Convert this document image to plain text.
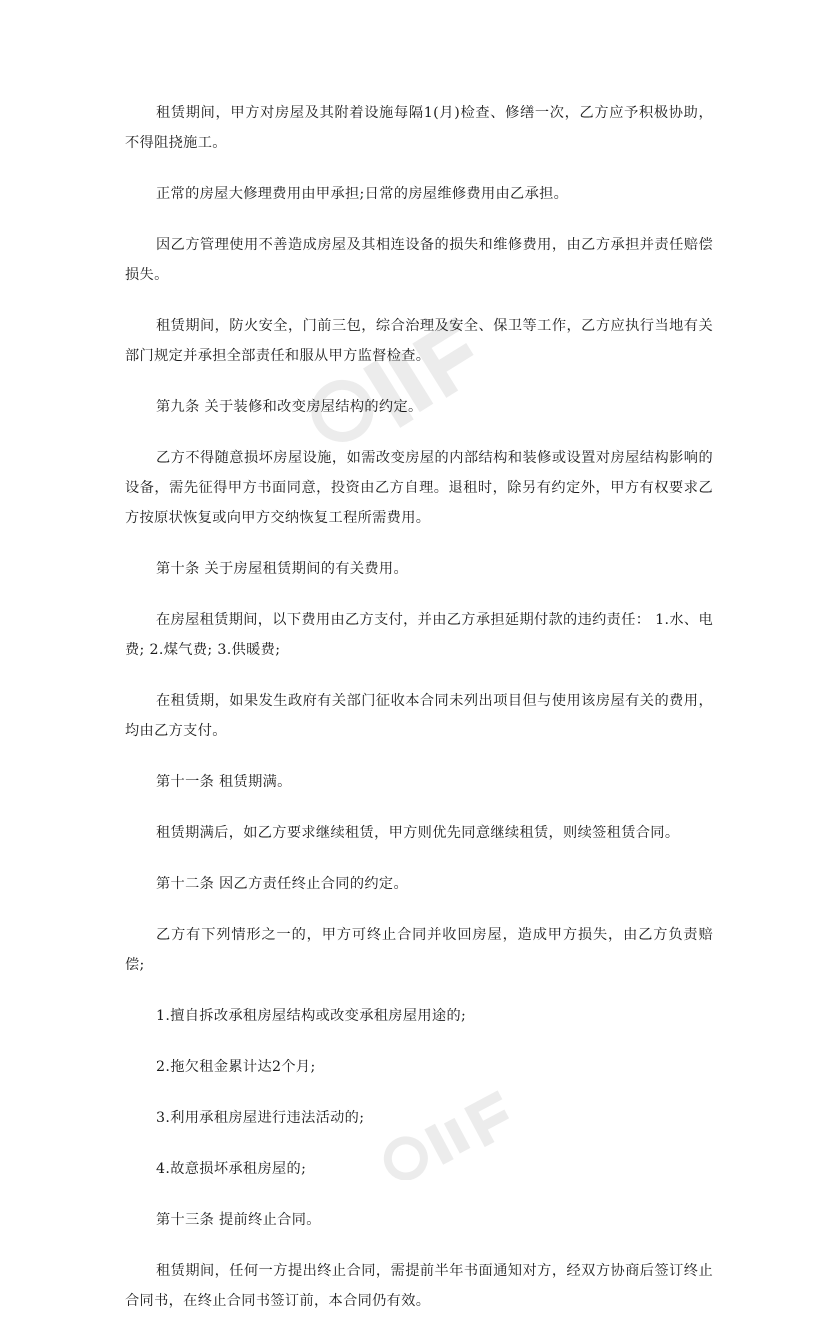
租赁期间，甲方对房屋及其附着设施每隔1(月)检查、修缮一次，乙方应予积极协助，不得阻挠施工。

正常的房屋大修理费用由甲承担;日常的房屋维修费用由乙承担。

因乙方管理使用不善造成房屋及其相连设备的损失和维修费用，由乙方承担并责任赔偿损失。

租赁期间，防火安全，门前三包，综合治理及安全、保卫等工作，乙方应执行当地有关部门规定并承担全部责任和服从甲方监督检查。

第九条 关于装修和改变房屋结构的约定。

乙方不得随意损坏房屋设施，如需改变房屋的内部结构和装修或设置对房屋结构影响的设备，需先征得甲方书面同意，投资由乙方自理。退租时，除另有约定外，甲方有权要求乙方按原状恢复或向甲方交纳恢复工程所需费用。

第十条 关于房屋租赁期间的有关费用。

在房屋租赁期间，以下费用由乙方支付，并由乙方承担延期付款的违约责任： 1.水、电费; 2.煤气费; 3.供暖费;

在租赁期，如果发生政府有关部门征收本合同未列出项目但与使用该房屋有关的费用，均由乙方支付。

第十一条 租赁期满。

租赁期满后，如乙方要求继续租赁，甲方则优先同意继续租赁，则续签租赁合同。

第十二条 因乙方责任终止合同的约定。

乙方有下列情形之一的，甲方可终止合同并收回房屋，造成甲方损失，由乙方负责赔偿;

1.擅自拆改承租房屋结构或改变承租房屋用途的;

2.拖欠租金累计达2个月;

3.利用承租房屋进行违法活动的;

4.故意损坏承租房屋的;

第十三条 提前终止合同。

租赁期间，任何一方提出终止合同，需提前半年书面通知对方，经双方协商后签订终止合同书，在终止合同书签订前，本合同仍有效。
